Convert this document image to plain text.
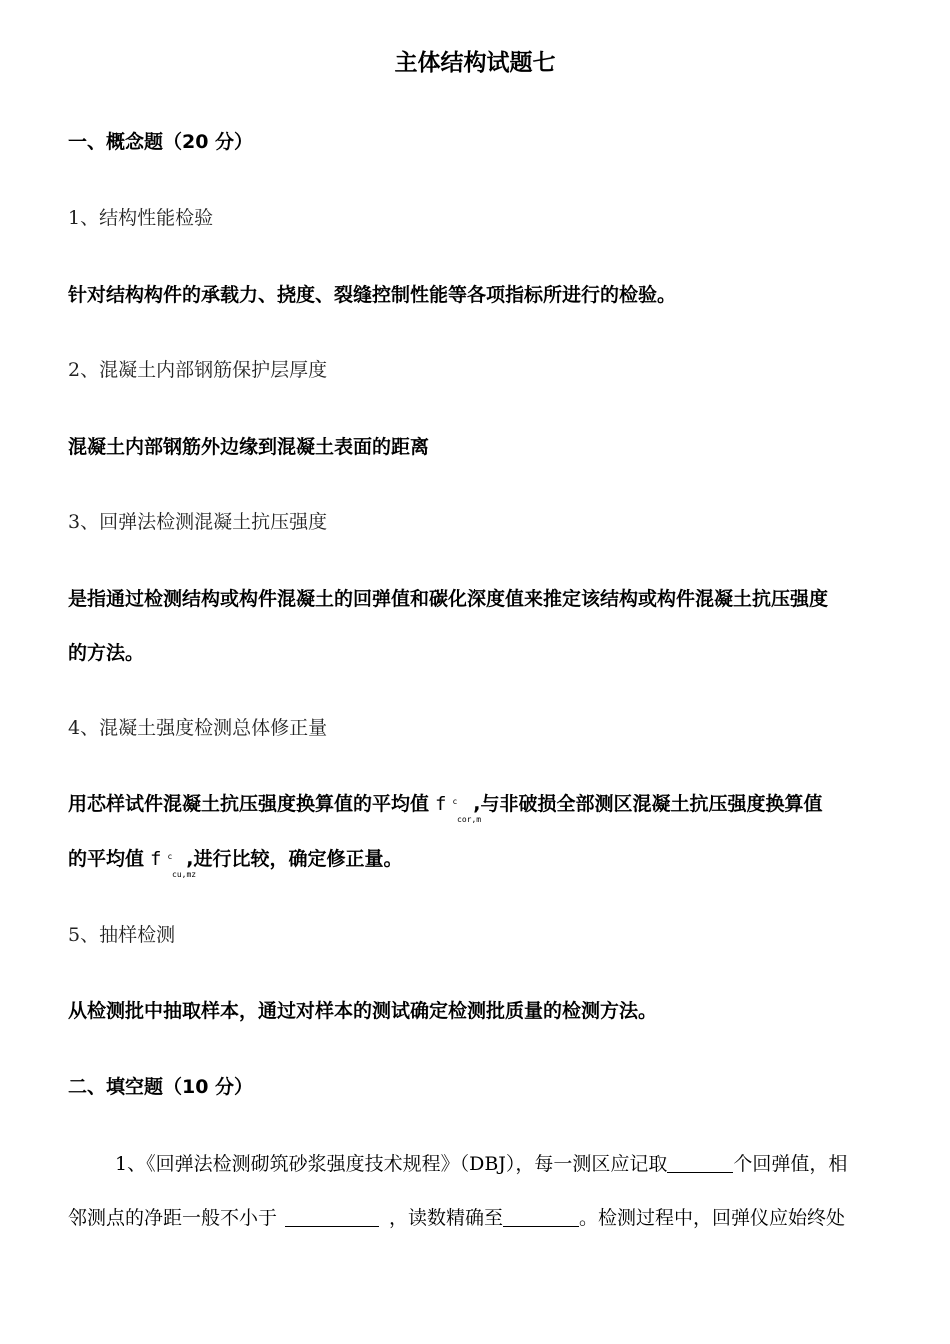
主体结构试题七
一、概念题（20 分）
1、结构性能检验
针对结构构件的承载力、挠度、裂缝控制性能等各项指标所进行的检验。
2、混凝土内部钢筋保护层厚度
混凝土内部钢筋外边缘到混凝土表面的距离
3、回弹法检测混凝土抗压强度
是指通过检测结构或构件混凝土的回弹值和碳化深度值来推定该结构或构件混凝土抗压强度
的方法。
4、混凝土强度检测总体修正量
用芯样试件混凝土抗压强度换算值的平均值 f $^c$
cor,m
,与非破损全部测区混凝土抗压强度换算值
的平均值 f $^c$
cu,mz
,进行比较，确定修正量。
5、抽样检测
从检测批中抽取样本，通过对样本的测试确定检测批质量的检测方法。
二、填空题（10 分）
1、《回弹法检测砌筑砂浆强度技术规程》（DBJ），每一测区应记取	个回弹值，相
邻测点的净距一般不小于	，读数精确至	。检测过程中，回弹仪应始终处
